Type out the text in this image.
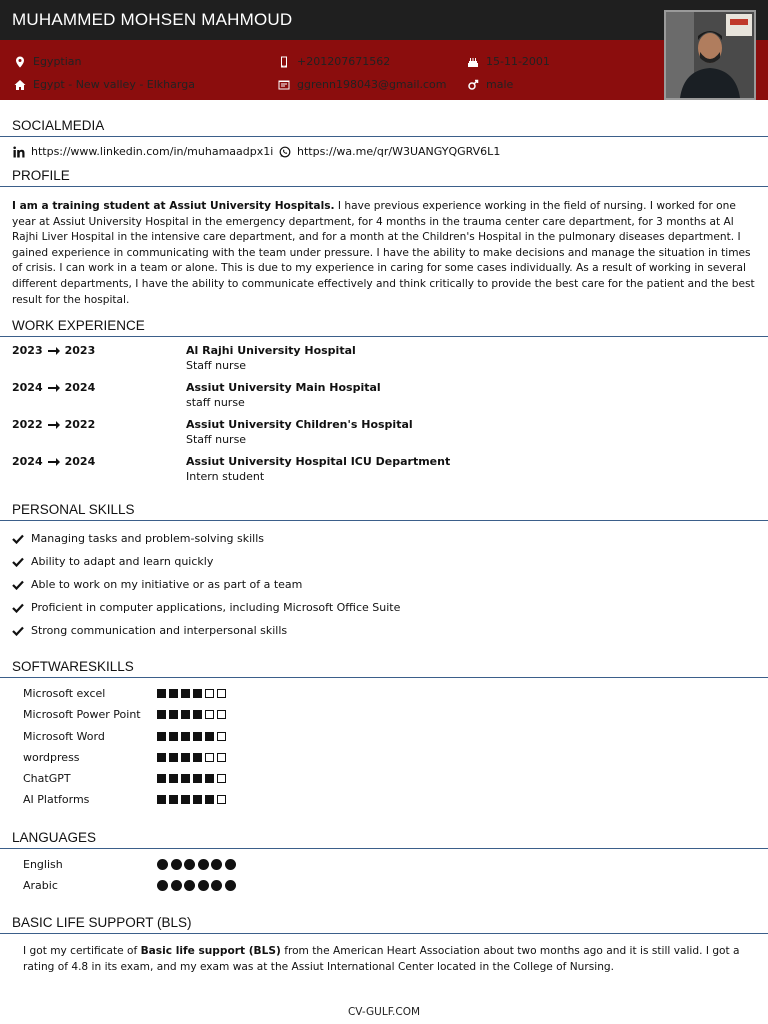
MUHAMMED MOHSEN MAHMOUD
Egyptian	+201207671562	15-11-2001
Egypt - New valley - Elkharga	ggrenn198043@gmail.com	male
SOCIALMEDIA
https://www.linkedin.com/in/muhamaadpx1i https://wa.me/qr/W3UANGYQGRV6L1
PROFILE
I am a training student at Assiut University Hospitals. I have previous experience working in the field of nursing. I worked for one year at Assiut University Hospital in the emergency department, for 4 months in the trauma center care department, for 3 months at Al Rajhi Liver Hospital in the intensive care department, and for a month at the Children's Hospital in the pulmonary diseases department. I gained experience in communicating with the team under pressure. I have the ability to make decisions and manage the situation in times of crisis. I can work in a team or alone. This is due to my experience in caring for some cases individually. As a result of working in several different departments, I have the ability to communicate effectively and think critically to provide the best care for the patient and the best result for the hospital.
WORK EXPERIENCE
2023 2023	Al Rajhi University Hospital
Staff nurse
2024 2024	Assiut University Main Hospital
staff nurse
2022 2022	Assiut University Children's Hospital
Staff nurse
2024 2024	Assiut University Hospital ICU Department
Intern student
PERSONAL SKILLS
Managing tasks and problem-solving skills
Ability to adapt and learn quickly
Able to work on my initiative or as part of a team
Proficient in computer applications, including Microsoft Office Suite
Strong communication and interpersonal skills
SOFTWARESKILLS
Microsoft excel
Microsoft Power Point
Microsoft Word
wordpress
ChatGPT
AI Platforms
LANGUAGES
English
Arabic
BASIC LIFE SUPPORT (BLS)
I got my certificate of Basic life support (BLS) from the American Heart Association about two months ago and it is still valid. I got a rating of 4.8 in its exam, and my exam was at the Assiut International Center located in the College of Nursing.
CV-GULF.COM
